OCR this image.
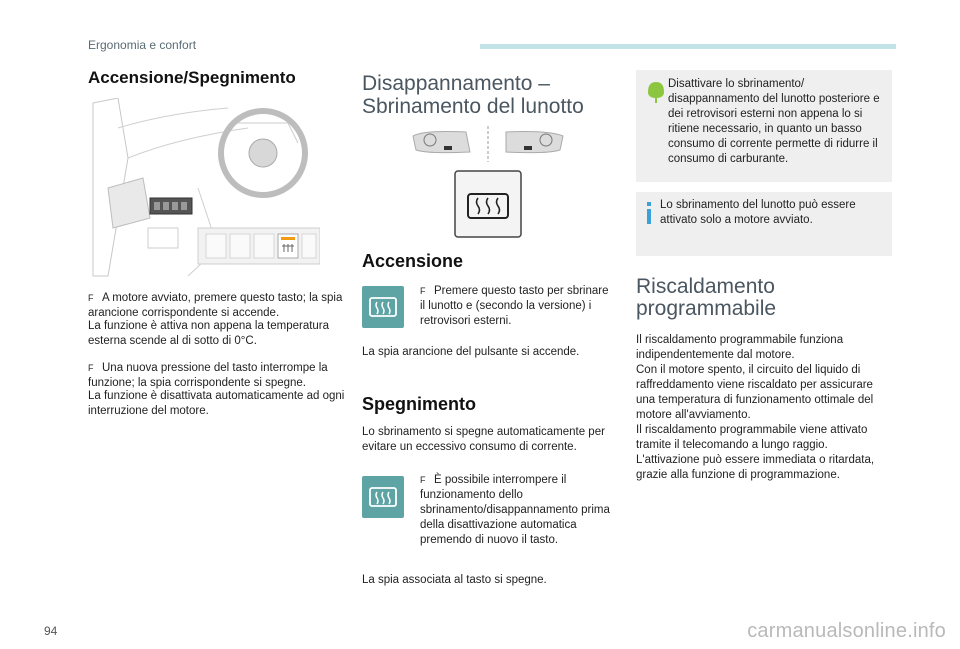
Ergonomia e confort
Accensione/Spegnimento
F A motore avviato, premere questo tasto; la spia arancione corrispondente si accende.
La funzione è attiva non appena la temperatura esterna scende al di sotto di 0°C.
F Una nuova pressione del tasto interrompe la funzione; la spia corrispondente si spegne.
La funzione è disattivata automaticamente ad ogni interruzione del motore.
Disappannamento –
Sbrinamento del lunotto
Accensione
F Premere questo tasto per sbrinare il lunotto e (secondo la versione) i retrovisori esterni.
La spia arancione del pulsante si accende.
Spegnimento
Lo sbrinamento si spegne automaticamente per evitare un eccessivo consumo di corrente.
F È possibile interrompere il funzionamento dello sbrinamento/disappannamento prima della disattivazione automatica premendo di nuovo il tasto.
La spia associata al tasto si spegne.
Disattivare lo sbrinamento/ disappannamento del lunotto posteriore e dei retrovisori esterni non appena lo si ritiene necessario, in quanto un basso consumo di corrente permette di ridurre il consumo di carburante.
Lo sbrinamento del lunotto può essere attivato solo a motore avviato.
Riscaldamento
programmabile
Il riscaldamento programmabile funziona indipendentemente dal motore.
Con il motore spento, il circuito del liquido di raffreddamento viene riscaldato per assicurare una temperatura di funzionamento ottimale del motore all'avviamento.
Il riscaldamento programmabile viene attivato tramite il telecomando a lungo raggio.
L'attivazione può essere immediata o ritardata, grazie alla funzione di programmazione.
94	carmanualsonline.info
